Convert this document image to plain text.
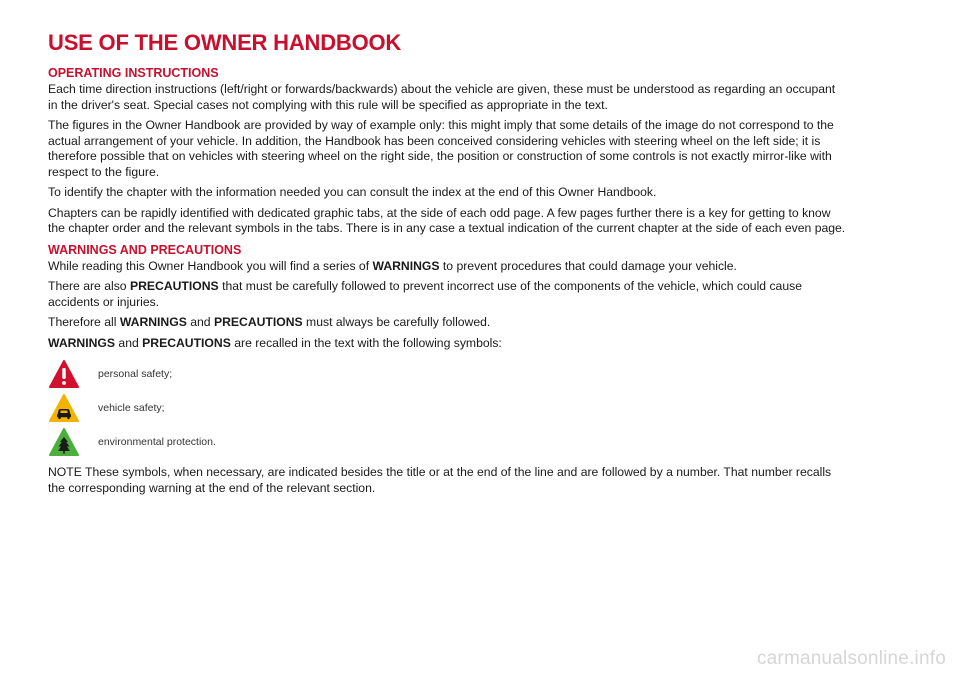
USE OF THE OWNER HANDBOOK
OPERATING INSTRUCTIONS

Each time direction instructions (left/right or forwards/backwards) about the vehicle are given, these must be understood as regarding an occupant in the driver's seat. Special cases not complying with this rule will be specified as appropriate in the text.

The figures in the Owner Handbook are provided by way of example only: this might imply that some details of the image do not correspond to the actual arrangement of your vehicle. In addition, the Handbook has been conceived considering vehicles with steering wheel on the left side; it is therefore possible that on vehicles with steering wheel on the right side, the position or construction of some controls is not exactly mirror-like with respect to the figure.

To identify the chapter with the information needed you can consult the index at the end of this Owner Handbook.

Chapters can be rapidly identified with dedicated graphic tabs, at the side of each odd page. A few pages further there is a key for getting to know the chapter order and the relevant symbols in the tabs. There is in any case a textual indication of the current chapter at the side of each even page.

WARNINGS AND PRECAUTIONS

While reading this Owner Handbook you will find a series of WARNINGS to prevent procedures that could damage your vehicle.

There are also PRECAUTIONS that must be carefully followed to prevent incorrect use of the components of the vehicle, which could cause accidents or injuries.

Therefore all WARNINGS and PRECAUTIONS must always be carefully followed.

WARNINGS and PRECAUTIONS are recalled in the text with the following symbols:

personal safety;
vehicle safety;
environmental protection.

NOTE These symbols, when necessary, are indicated besides the title or at the end of the line and are followed by a number. That number recalls the corresponding warning at the end of the relevant section.

carmanualsonline.info
